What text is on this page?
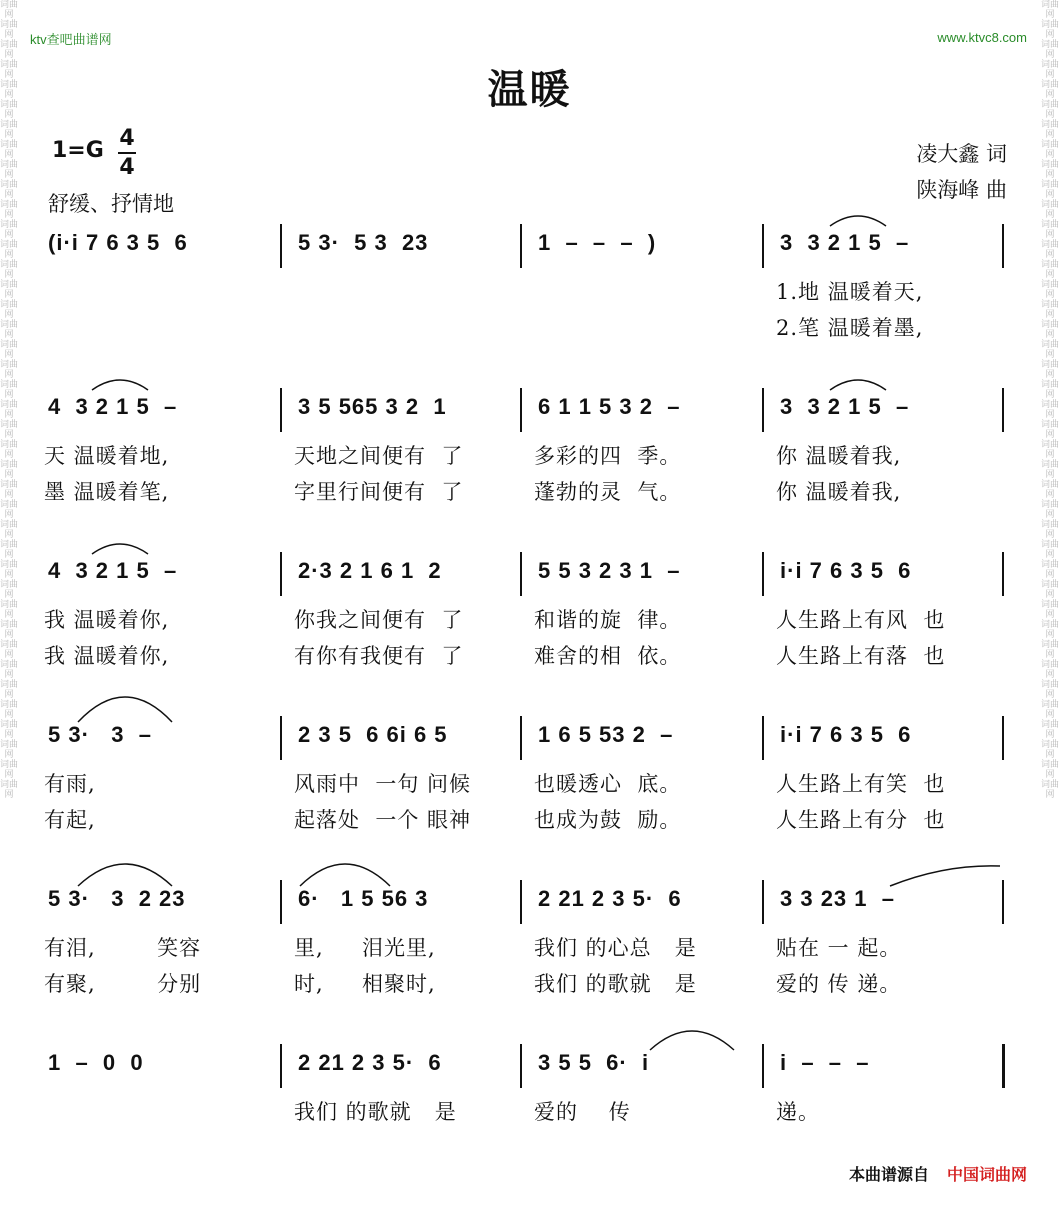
词曲网 词曲网 词曲网 词曲网 词曲网 词曲网 词曲网 词曲网 词曲网 词曲网 词曲网 词曲网 词曲网 词曲网 词曲网 词曲网 词曲网 词曲网 词曲网 词曲网 词曲网 词曲网 词曲网 词曲网 词曲网 词曲网 词曲网 词曲网 词曲网 词曲网 词曲网 词曲网 词曲网 词曲网 词曲网 词曲网 词曲网 词曲网 词曲网 词曲网
词曲网 词曲网 词曲网 词曲网 词曲网 词曲网 词曲网 词曲网 词曲网 词曲网 词曲网 词曲网 词曲网 词曲网 词曲网 词曲网 词曲网 词曲网 词曲网 词曲网 词曲网 词曲网 词曲网 词曲网 词曲网 词曲网 词曲网 词曲网 词曲网 词曲网 词曲网 词曲网 词曲网 词曲网 词曲网 词曲网 词曲网 词曲网 词曲网 词曲网
ktv查吧曲谱网	www.ktvc8.com
温暖
1=G 4
4
舒缓、抒情地
凌大鑫 词
陕海峰 曲
(i·i 7 6 3 5  6	5 3·  5 3  23	1  –  –  –  )	3  3 2 1 5  –
1.地 温暖着天,
2.笔 温暖着墨,
4  3 2 1 5  –	3 5 565 3 2  1	6 1 1 5 3 2  –	3  3 2 1 5  –
天 温暖着地,	天地之间便有  了	多彩的四  季。	你 温暖着我,
墨 温暖着笔,	字里行间便有  了	蓬勃的灵  气。	你 温暖着我,
4  3 2 1 5  –	2·3 2 1 6 1  2	5 5 3 2 3 1  –	i·i 7 6 3 5  6
我 温暖着你,	你我之间便有  了	和谐的旋  律。	人生路上有风  也
我 温暖着你,	有你有我便有  了	难舍的相  依。	人生路上有落  也
5 3·   3  –	2 3 5  6 6i 6 5	1 6 5 53 2  –	i·i 7 6 3 5  6
有雨,	风雨中  一句 问候	也暖透心  底。	人生路上有笑  也
有起,	起落处  一个 眼神	也成为鼓  励。	人生路上有分  也
5 3·   3  2 23	6·   1 5 56 3	2 21 2 3 5·  6	3 3 23 1  –
有泪,        笑容	里,     泪光里,	我们 的心总   是	贴在 一 起。
有聚,        分别	时,     相聚时,	我们 的歌就   是	爱的 传 递。
1  –  0  0	2 21 2 3 5·  6	3 5 5  6·  i	i  –  –  –
我们 的歌就   是	爱的    传	递。
本曲谱源自 中国词曲网
